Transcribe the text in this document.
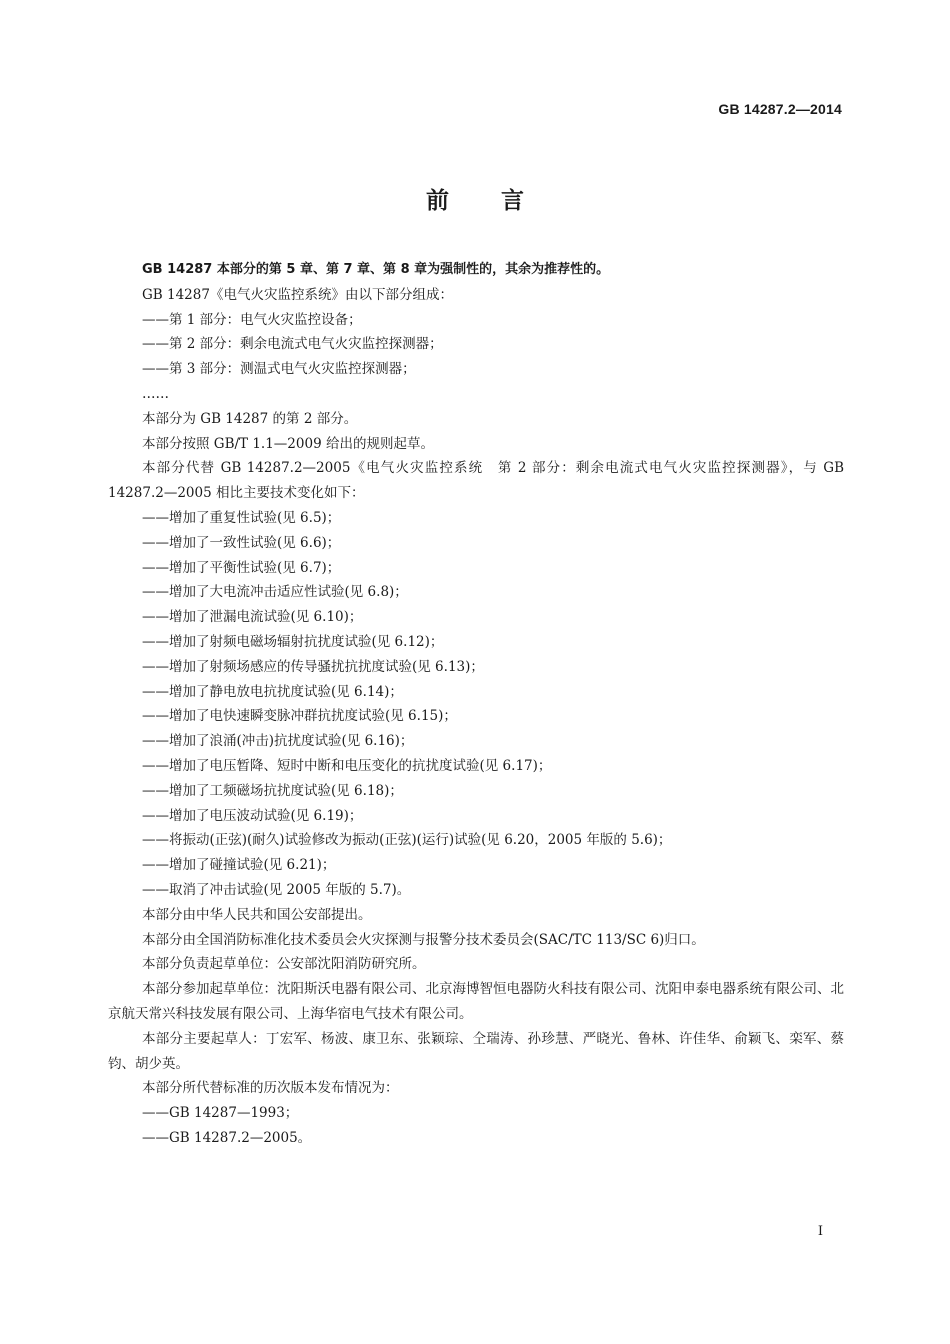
GB 14287.2—2014
前言

GB 14287 本部分的第 5 章、第 7 章、第 8 章为强制性的，其余为推荐性的。

GB 14287《电气火灾监控系统》由以下部分组成：

——第 1 部分：电气火灾监控设备；

——第 2 部分：剩余电流式电气火灾监控探测器；

——第 3 部分：测温式电气火灾监控探测器；

……

本部分为 GB 14287 的第 2 部分。

本部分按照 GB/T 1.1—2009 给出的规则起草。

本部分代替 GB 14287.2—2005《电气火灾监控系统　第 2 部分：剩余电流式电气火灾监控探测器》，与 GB 14287.2—2005 相比主要技术变化如下：

——增加了重复性试验(见 6.5)；

——增加了一致性试验(见 6.6)；

——增加了平衡性试验(见 6.7)；

——增加了大电流冲击适应性试验(见 6.8)；

——增加了泄漏电流试验(见 6.10)；

——增加了射频电磁场辐射抗扰度试验(见 6.12)；

——增加了射频场感应的传导骚扰抗扰度试验(见 6.13)；

——增加了静电放电抗扰度试验(见 6.14)；

——增加了电快速瞬变脉冲群抗扰度试验(见 6.15)；

——增加了浪涌(冲击)抗扰度试验(见 6.16)；

——增加了电压暂降、短时中断和电压变化的抗扰度试验(见 6.17)；

——增加了工频磁场抗扰度试验(见 6.18)；

——增加了电压波动试验(见 6.19)；

——将振动(正弦)(耐久)试验修改为振动(正弦)(运行)试验(见 6.20，2005 年版的 5.6)；

——增加了碰撞试验(见 6.21)；

——取消了冲击试验(见 2005 年版的 5.7)。

本部分由中华人民共和国公安部提出。

本部分由全国消防标准化技术委员会火灾探测与报警分技术委员会(SAC/TC 113/SC 6)归口。

本部分负责起草单位：公安部沈阳消防研究所。

本部分参加起草单位：沈阳斯沃电器有限公司、北京海博智恒电器防火科技有限公司、沈阳申泰电器系统有限公司、北京航天常兴科技发展有限公司、上海华宿电气技术有限公司。

本部分主要起草人：丁宏军、杨波、康卫东、张颖琮、仝瑞涛、孙珍慧、严晓光、鲁林、许佳华、俞颖飞、栾军、蔡钧、胡少英。

本部分所代替标准的历次版本发布情况为：

——GB 14287—1993；

——GB 14287.2—2005。

I
